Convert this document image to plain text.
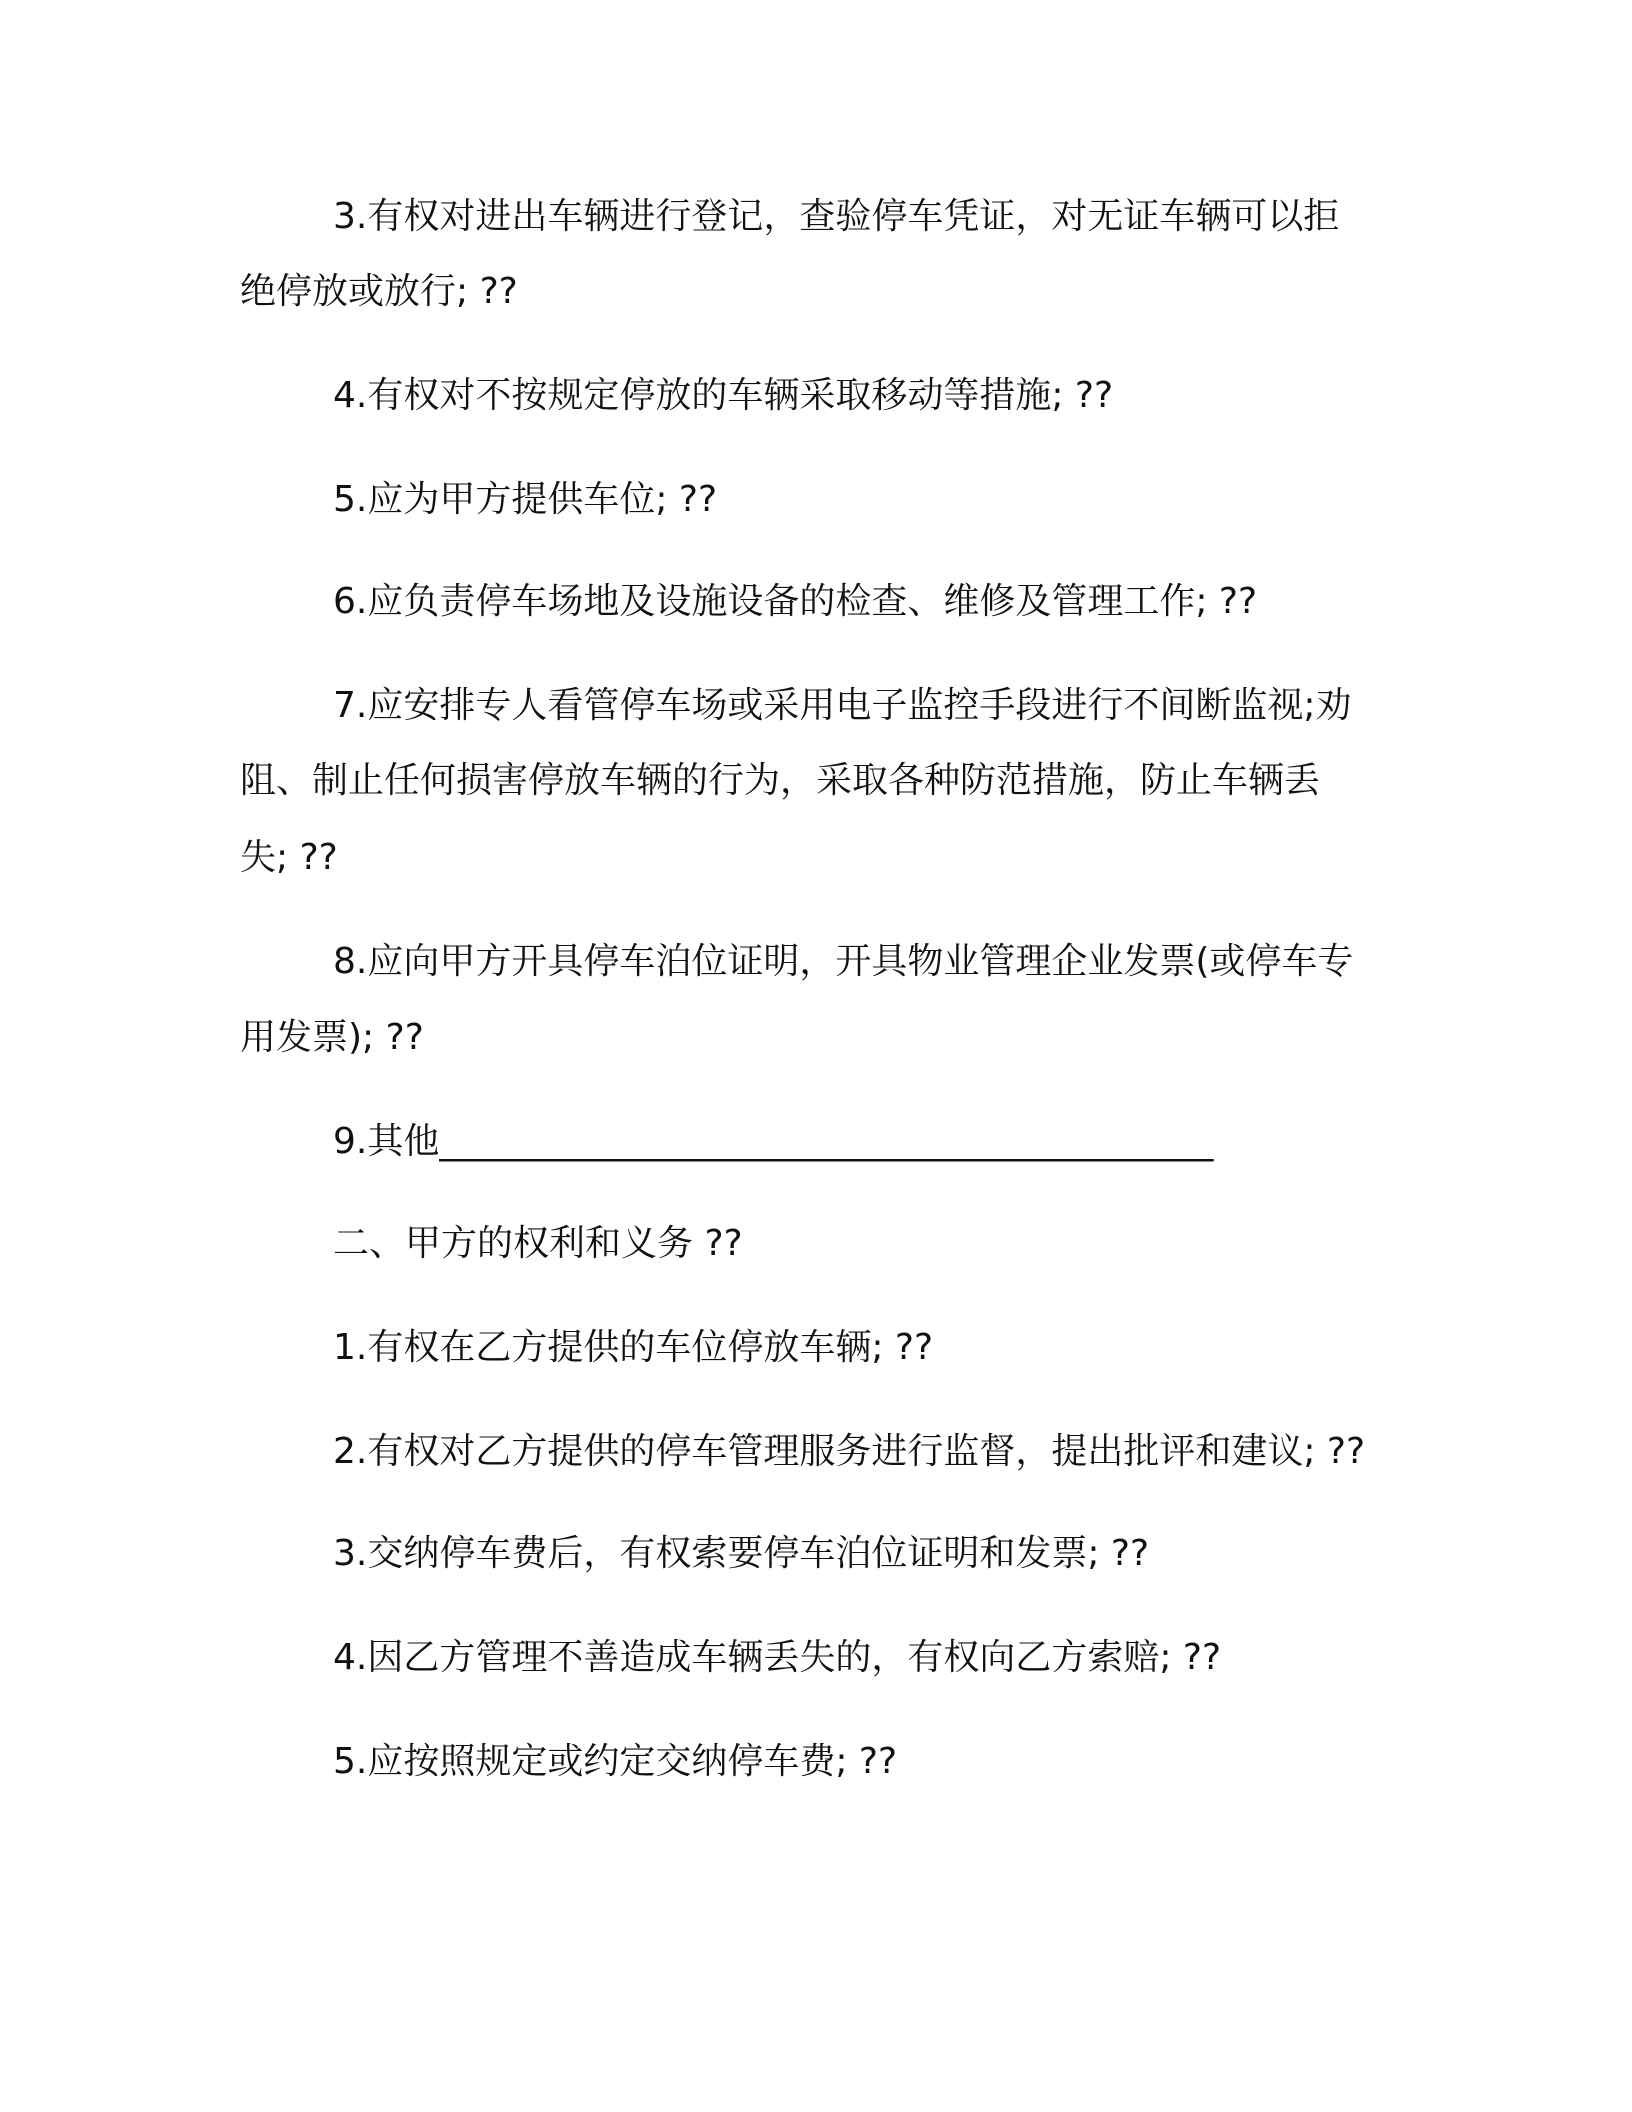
3.有权对进出车辆进行登记，查验停车凭证，对无证车辆可以拒

绝停放或放行; ??

4.有权对不按规定停放的车辆采取移动等措施; ??

5.应为甲方提供车位; ??

6.应负责停车场地及设施设备的检查、维修及管理工作; ??

7.应安排专人看管停车场或采用电子监控手段进行不间断监视;劝

阻、制止任何损害停放车辆的行为，采取各种防范措施，防止车辆丢

失; ??

8.应向甲方开具停车泊位证明，开具物业管理企业发票(或停车专

用发票); ??

9.其他___________________________________________

二、甲方的权利和义务 ??

1.有权在乙方提供的车位停放车辆; ??

2.有权对乙方提供的停车管理服务进行监督，提出批评和建议; ??

3.交纳停车费后，有权索要停车泊位证明和发票; ??

4.因乙方管理不善造成车辆丢失的，有权向乙方索赔; ??

5.应按照规定或约定交纳停车费; ??
